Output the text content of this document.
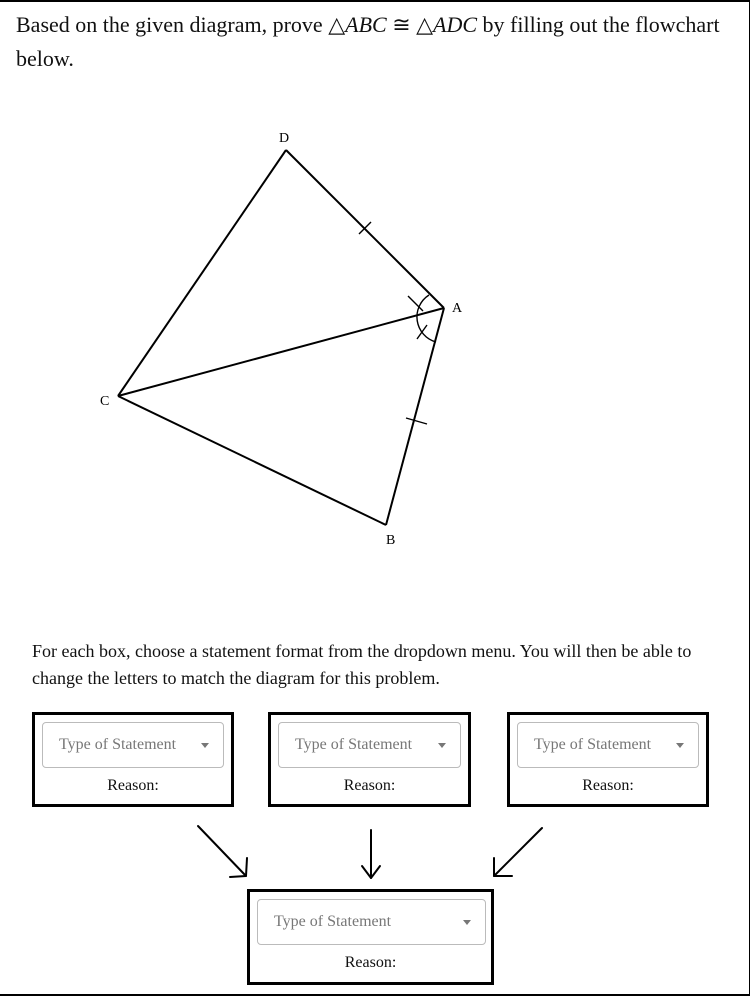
Based on the given diagram, prove △ABC ≅ △ADC by filling out the flowchart below.

D
A
C
B

For each box, choose a statement format from the dropdown menu. You will then be able to change the letters to match the diagram for this problem.

Type of Statement
Reason:
Type of Statement
Reason:
Type of Statement
Reason:
Type of Statement
Reason:
